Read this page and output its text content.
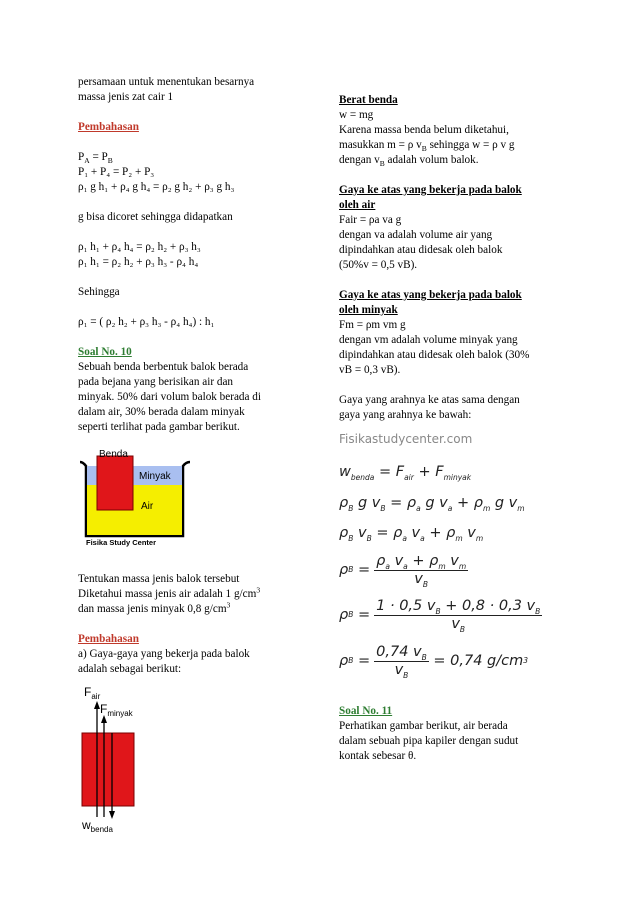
persamaan untuk menentukan besarnya

massa jenis zat cair 1

Pembahasan

$P_A = P_B$

P₁ + P₄ = P₂ + P₃

ρ₁ g h₁ + ρ₄ g h₄ = ρ₂ g h₂ + ρ₃ g h₃

g bisa dicoret sehingga didapatkan

ρ₁ h₁ + ρ₄ h₄ = ρ₂ h₂ + ρ₃ h₃

ρ₁ h₁ = ρ₂ h₂ + ρ₃ h₃ - ρ₄ h₄

Sehingga

ρ₁ = ( ρ₂ h₂ + ρ₃ h₃ - ρ₄ h₄) : h₁

Soal No. 10

Sebuah benda berbentuk balok berada

pada bejana yang berisikan air dan

minyak. 50% dari volum balok berada di

dalam air, 30% berada dalam minyak

seperti terlihat pada gambar berikut.

Benda
Minyak
Air
Fisika Study Center

Tentukan massa jenis balok tersebut

Diketahui massa jenis air adalah 1 $g/cm^3$

dan massa jenis minyak 0,8 $g/cm^3$

Pembahasan

a) Gaya-gaya yang bekerja pada balok

adalah sebagai berikut:

$F_{air}$
$F_{minyak}$
$w_{benda}$

Berat benda

w = mg

Karena massa benda belum diketahui,

masukkan m = ρ $v_B$ sehingga w = ρ v g

dengan $v_B$ adalah volum balok.

Gaya ke atas yang bekerja pada balok

oleh air

Fair = ρa va g

dengan va adalah volume air yang

dipindahkan atau didesak oleh balok

(50%v = 0,5 vB).

Gaya ke atas yang bekerja pada balok

oleh minyak

Fm = ρm vm g

dengan vm adalah volume minyak yang

dipindahkan atau didesak oleh balok (30%

vB = 0,3 vB).

Gaya yang arahnya ke atas sama dengan

gaya yang arahnya ke bawah:

Fisikastudycenter.com
$w_{benda} = F_{air} + F_{minyak}$
$\rho_B$ g $v_B = \rho_a$ g $v_a + \rho_m$ g $v_m$
$\rho_B$ $v_B = \rho_a$ $v_a + \rho_m$ $v_m$
ρ $B = \frac{\rho_a v_a + \rho_m v_m}{v_B}$
ρ $B = \frac{1 \cdot 0,5 v_B + 0,8 \cdot 0,3 v_B}{v_B}$
ρ $B = \frac{0,74 v_B}{v_B}$
= 0,74 g/cm 3

Soal No. 11

Perhatikan gambar berikut, air berada

dalam sebuah pipa kapiler dengan sudut

kontak sebesar θ.
